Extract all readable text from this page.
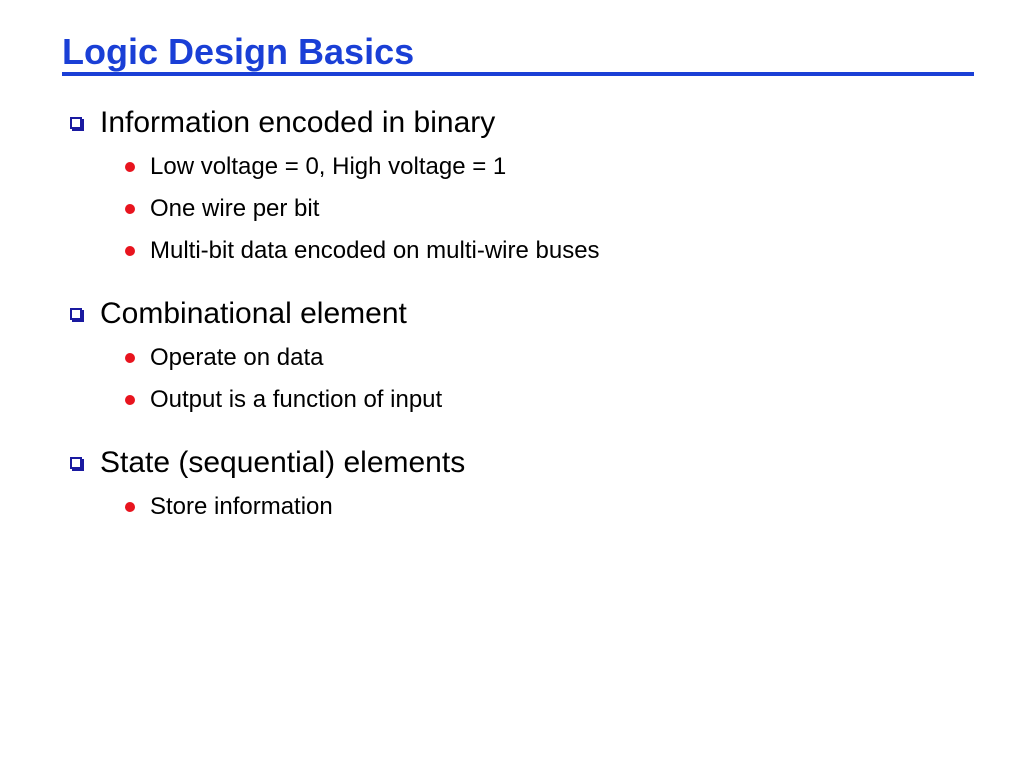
Logic Design Basics
Information encoded in binary
Low voltage = 0, High voltage = 1
One wire per bit
Multi-bit data encoded on multi-wire buses
Combinational element
Operate on data
Output is a function of input
State (sequential) elements
Store information
